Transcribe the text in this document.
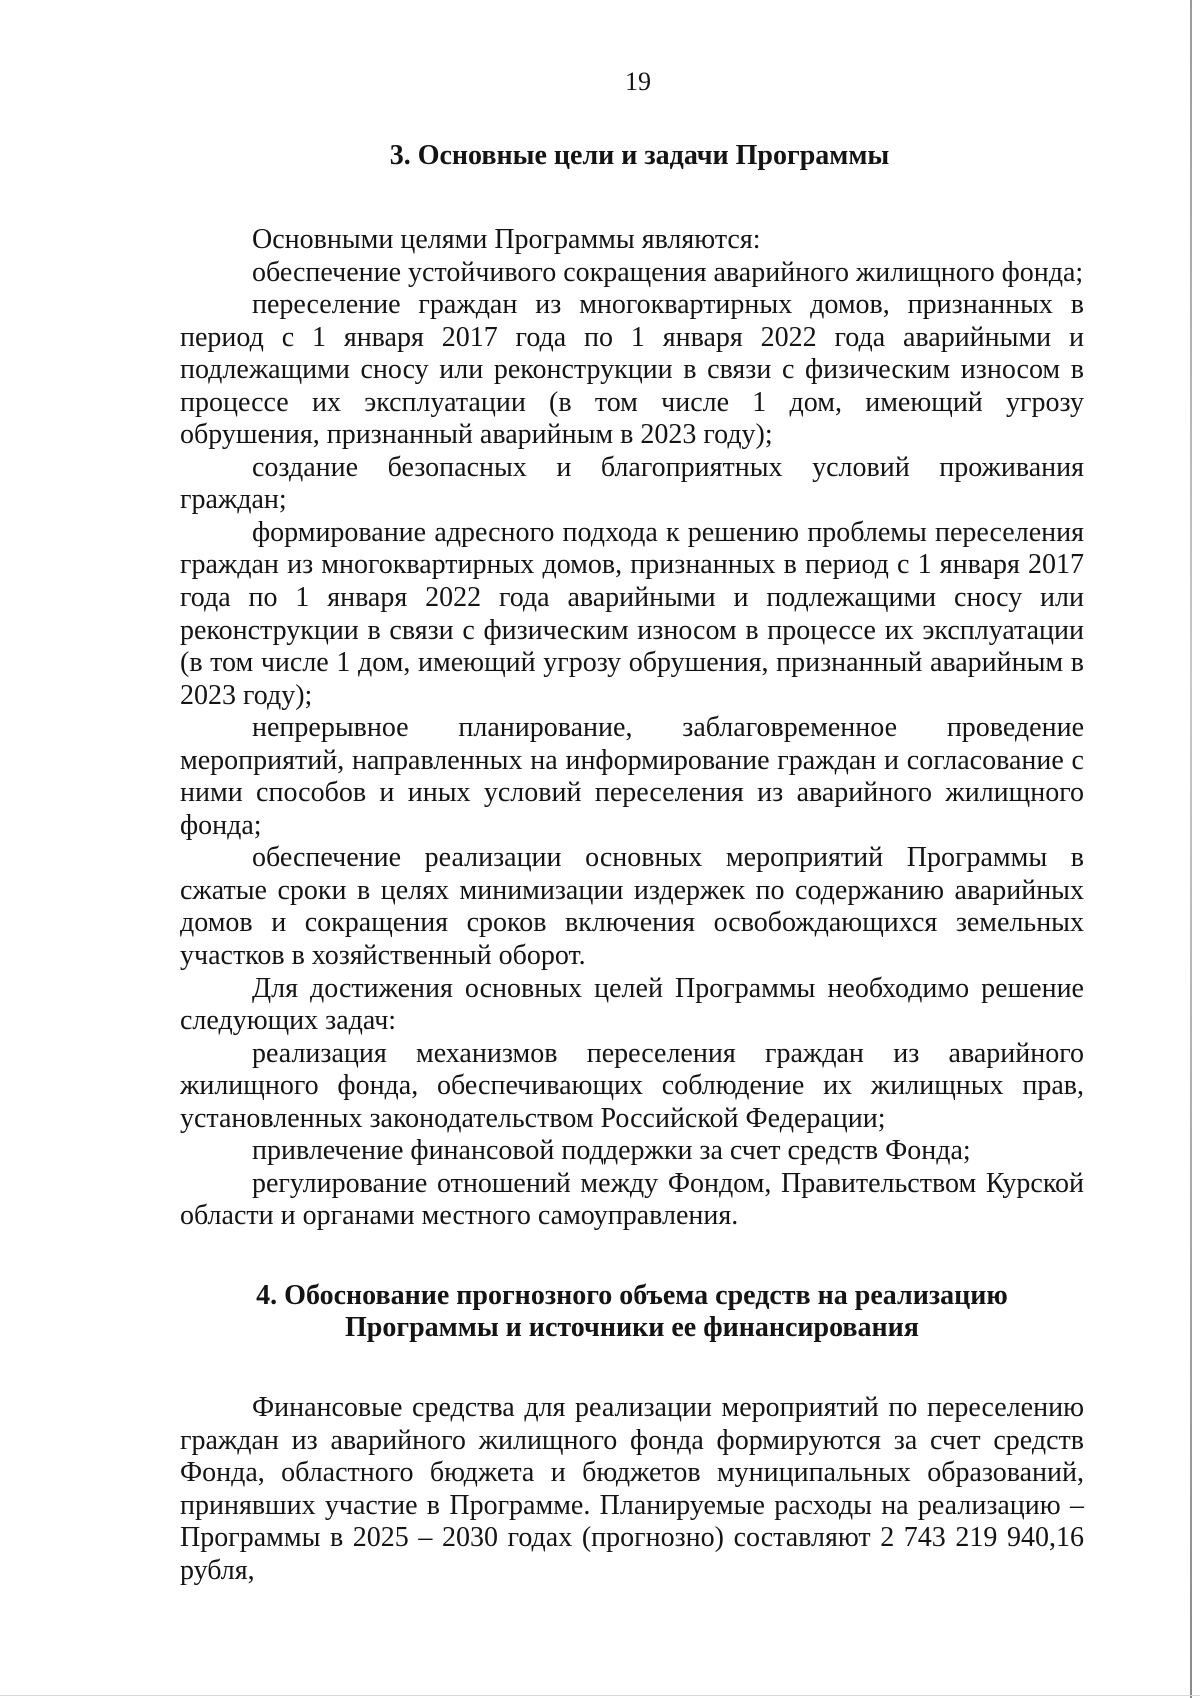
19
3. Основные цели и задачи Программы

Основными целями Программы являются:

обеспечение устойчивого сокращения аварийного жилищного фонда;

переселение граждан из многоквартирных домов, признанных в период с 1 января 2017 года по 1 января 2022 года аварийными и подлежащими сносу или реконструкции в связи с физическим износом в процессе их эксплуатации (в том числе 1 дом, имеющий угрозу обрушения, признанный аварийным в 2023 году);

создание безопасных и благоприятных условий проживания граждан;

формирование адресного подхода к решению проблемы переселения граждан из многоквартирных домов, признанных в период с 1 января 2017 года по 1 января 2022 года аварийными и подлежащими сносу или реконструкции в связи с физическим износом в процессе их эксплуатации (в том числе 1 дом, имеющий угрозу обрушения, признанный аварийным в 2023 году);

непрерывное планирование, заблаговременное проведение мероприятий, направленных на информирование граждан и согласование с ними способов и иных условий переселения из аварийного жилищного фонда;

обеспечение реализации основных мероприятий Программы в сжатые сроки в целях минимизации издержек по содержанию аварийных домов и сокращения сроков включения освобождающихся земельных участков в хозяйственный оборот.

Для достижения основных целей Программы необходимо решение следующих задач:

реализация механизмов переселения граждан из аварийного жилищного фонда, обеспечивающих соблюдение их жилищных прав, установленных законодательством Российской Федерации;

привлечение финансовой поддержки за счет средств Фонда;

регулирование отношений между Фондом, Правительством Курской области и органами местного самоуправления.

4. Обоснование прогнозного объема средств на реализацию
Программы и источники ее финансирования

Финансовые средства для реализации мероприятий по переселению граждан из аварийного жилищного фонда формируются за счет средств Фонда, областного бюджета и бюджетов муниципальных образований, принявших участие в Программе. Планируемые расходы на реализацию – Программы в 2025 – 2030 годах (прогнозно) составляют 2 743 219 940,16 рубля,
